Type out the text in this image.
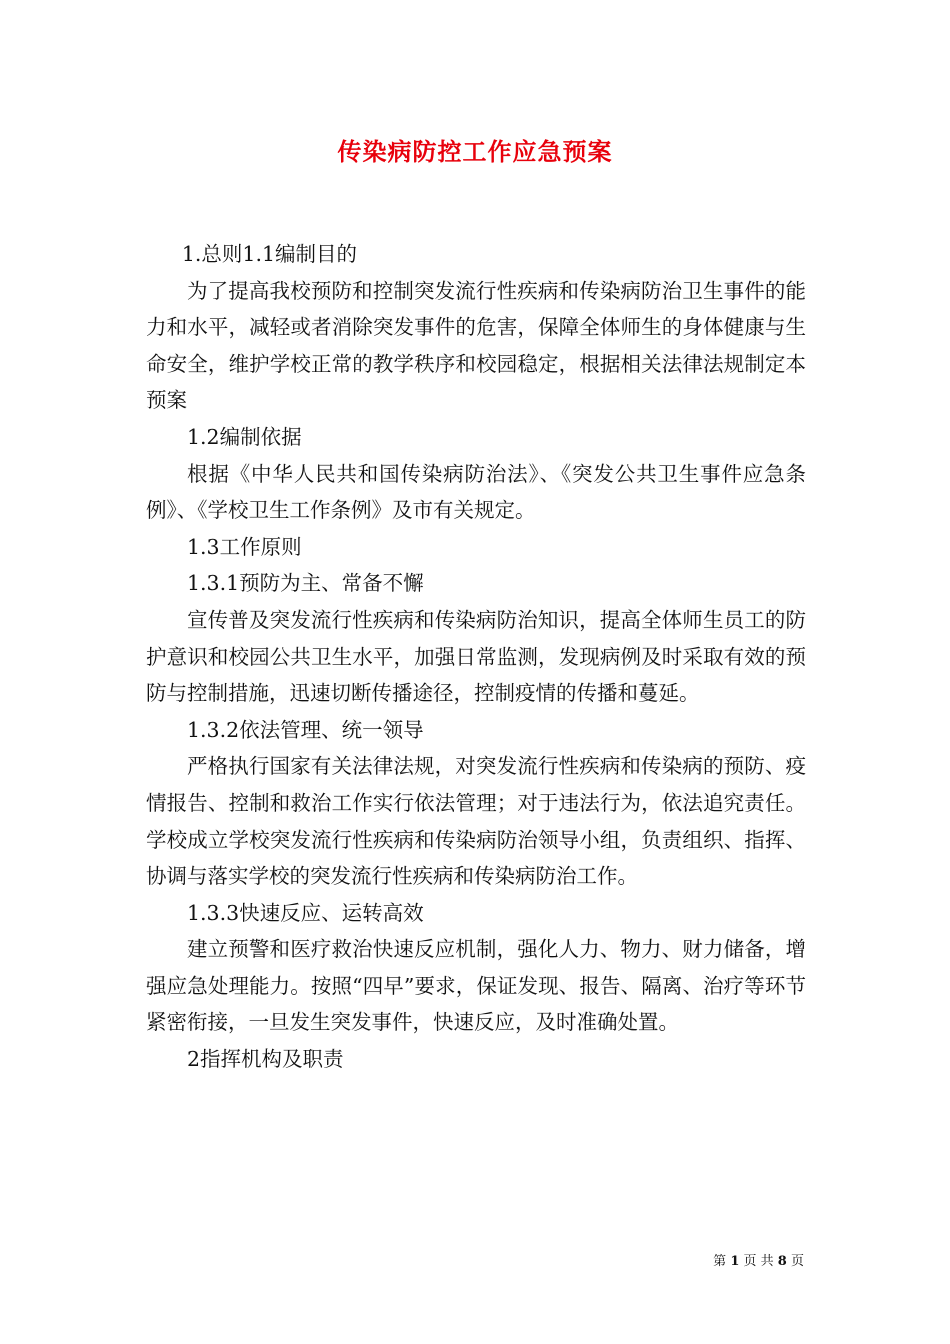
传染病防控工作应急预案

1.总则1.1编制目的

为了提高我校预防和控制突发流行性疾病和传染病防治卫生事件的能力和水平，减轻或者消除突发事件的危害，保障全体师生的身体健康与生命安全，维护学校正常的教学秩序和校园稳定，根据相关法律法规制定本预案

1.2编制依据

根据《中华人民共和国传染病防治法》、《突发公共卫生事件应急条例》、《学校卫生工作条例》及市有关规定。

1.3工作原则

1.3.1预防为主、常备不懈

宣传普及突发流行性疾病和传染病防治知识，提高全体师生员工的防护意识和校园公共卫生水平，加强日常监测，发现病例及时采取有效的预防与控制措施，迅速切断传播途径，控制疫情的传播和蔓延。

1.3.2依法管理、统一领导

严格执行国家有关法律法规，对突发流行性疾病和传染病的预防、疫情报告、控制和救治工作实行依法管理；对于违法行为，依法追究责任。学校成立学校突发流行性疾病和传染病防治领导小组，负责组织、指挥、协调与落实学校的突发流行性疾病和传染病防治工作。

1.3.3快速反应、运转高效

建立预警和医疗救治快速反应机制，强化人力、物力、财力储备，增强应急处理能力。按照“四早”要求，保证发现、报告、隔离、治疗等环节紧密衔接，一旦发生突发事件，快速反应，及时准确处置。

2指挥机构及职责

第 1 页 共 8 页
